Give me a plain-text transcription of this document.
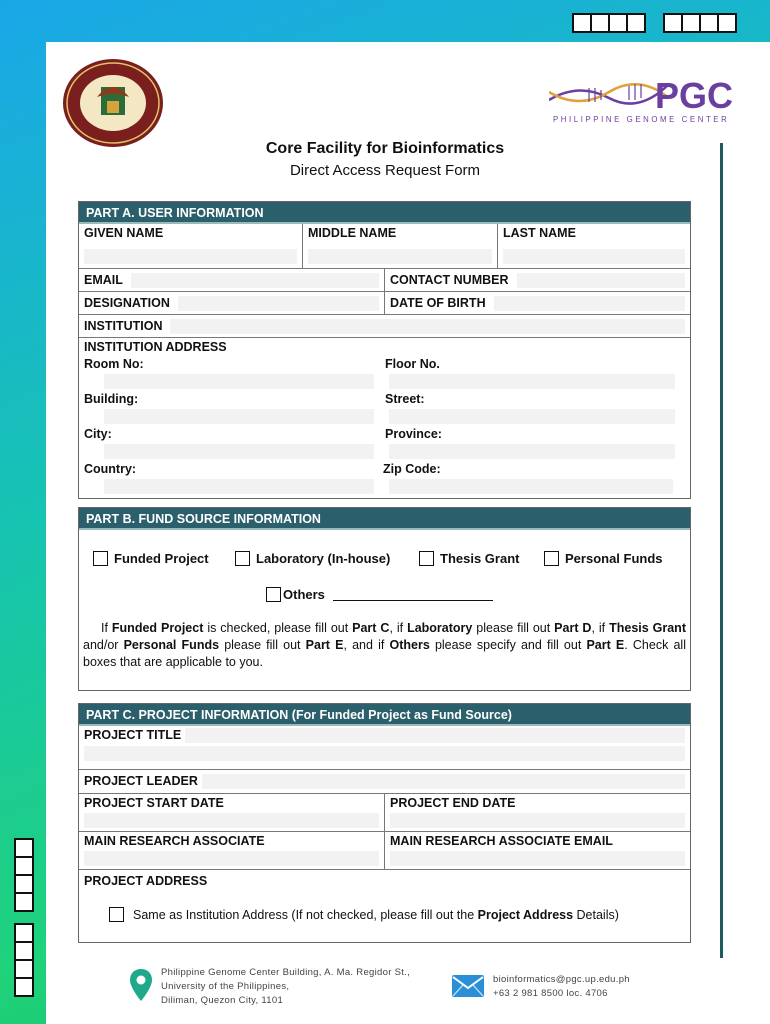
PGC
PHILIPPINE GENOME CENTER
Core Facility for Bioinformatics
Direct Access Request Form
PART A. USER INFORMATION
GIVEN NAME	MIDDLE NAME	LAST NAME
EMAIL	CONTACT NUMBER
DESIGNATION	DATE OF BIRTH
INSTITUTION
INSTITUTION ADDRESS
Room No:	Floor No.
Building:	Street:
City:	Province:
Country:	Zip Code:
PART B. FUND SOURCE INFORMATION
Funded Project	Laboratory (In-house)	Thesis Grant	Personal Funds
Others
If Funded Project is checked, please fill out Part C, if Laboratory please fill out Part D, if Thesis Grant and/or Personal Funds please fill out Part E, and if Others please specify and fill out Part E. Check all boxes that are applicable to you.
PART C. PROJECT INFORMATION (For Funded Project as Fund Source)
PROJECT TITLE
PROJECT LEADER
PROJECT START DATE	PROJECT END DATE
MAIN RESEARCH ASSOCIATE	MAIN RESEARCH ASSOCIATE EMAIL
PROJECT ADDRESS
Same as Institution Address (If not checked, please fill out the Project Address Details)
Philippine Genome Center Building, A. Ma. Regidor St.,
University of the Philippines,
Diliman, Quezon City, 1101
bioinformatics@pgc.up.edu.ph
+63 2 981 8500 loc. 4706
